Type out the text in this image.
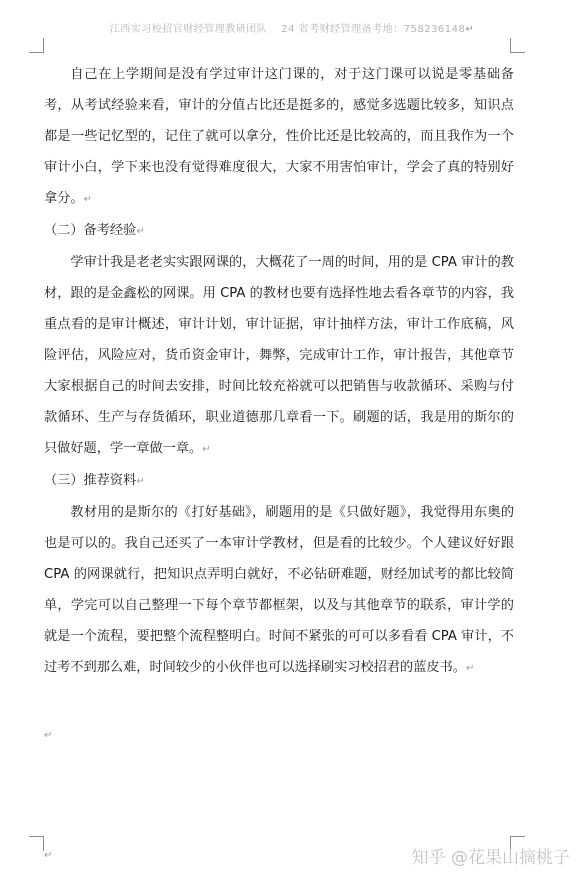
江西实习校招官财经管理教研团队 24 省考财经管理备考地：758236148↵

自己在上学期间是没有学过审计这门课的，对于这门课可以说是零基础备考，从考试经验来看，审计的分值占比还是挺多的，感觉多选题比较多，知识点都是一些记忆型的，记住了就可以拿分，性价比还是比较高的，而且我作为一个审计小白，学下来也没有觉得难度很大，大家不用害怕审计，学会了真的特别好拿分。↵

（二）备考经验↵

学审计我是老老实实跟网课的，大概花了一周的时间，用的是 CPA 审计的教材，跟的是金鑫松的网课。用 CPA 的教材也要有选择性地去看各章节的内容，我重点看的是审计概述，审计计划，审计证据，审计抽样方法，审计工作底稿，风险评估，风险应对，货币资金审计，舞弊，完成审计工作，审计报告，其他章节大家根据自己的时间去安排，时间比较充裕就可以把销售与收款循环、采购与付款循环、生产与存货循环，职业道德那几章看一下。刷题的话，我是用的斯尔的只做好题，学一章做一章。↵

（三）推荐资料↵

教材用的是斯尔的《打好基础》，刷题用的是《只做好题》，我觉得用东奥的也是可以的。我自己还买了一本审计学教材，但是看的比较少。个人建议好好跟 CPA 的网课就行，把知识点弄明白就好，不必钻研难题，财经加试考的都比较简单，学完可以自己整理一下每个章节都框架，以及与其他章节的联系，审计学的就是一个流程，要把整个流程整明白。时间不紧张的可可以多看看 CPA 审计，不过考不到那么难，时间较少的小伙伴也可以选择刷实习校招君的蓝皮书。↵

↵
↵	知乎 @花果山摘桃子
